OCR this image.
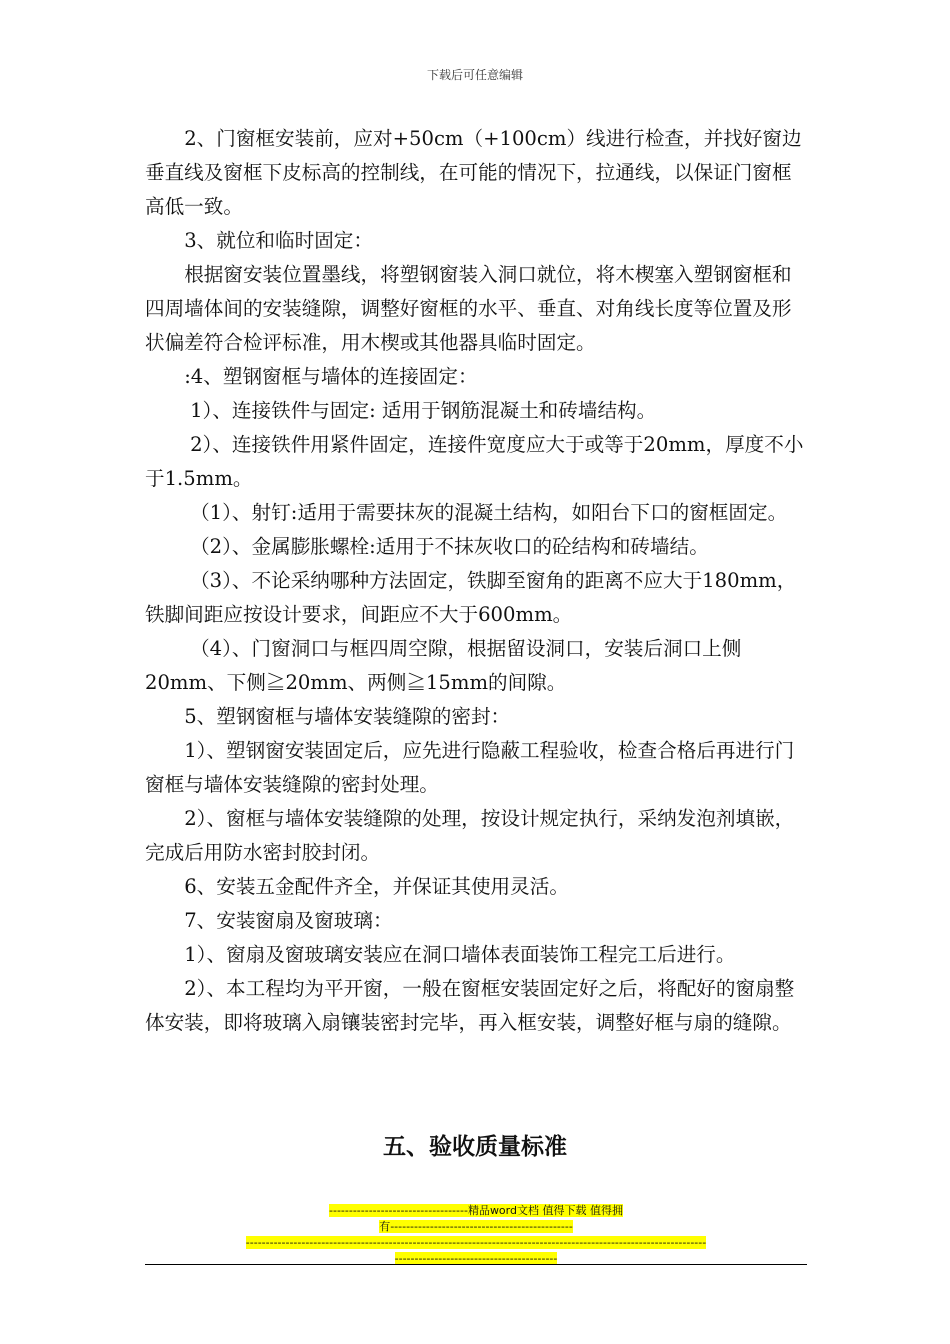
下载后可任意编辑

2、门窗框安装前，应对+50cm（+100cm）线进行检查，并找好窗边垂直线及窗框下皮标高的控制线，在可能的情况下，拉通线，以保证门窗框高低一致。

3、就位和临时固定：

根据窗安装位置墨线，将塑钢窗装入洞口就位，将木楔塞入塑钢窗框和四周墙体间的安装缝隙，调整好窗框的水平、垂直、对角线长度等位置及形状偏差符合检评标准，用木楔或其他器具临时固定。

:4、塑钢窗框与墙体的连接固定：

1）、连接铁件与固定: 适用于钢筋混凝土和砖墙结构。

2）、连接铁件用紧件固定，连接件宽度应大于或等于20mm，厚度不小于1.5mm。

（1）、射钉:适用于需要抹灰的混凝土结构，如阳台下口的窗框固定。

（2）、金属膨胀螺栓:适用于不抹灰收口的砼结构和砖墙结。

（3）、不论采纳哪种方法固定，铁脚至窗角的距离不应大于180mm，铁脚间距应按设计要求，间距应不大于600mm。

（4）、门窗洞口与框四周空隙，根据留设洞口，安装后洞口上侧20mm、下侧≧20mm、两侧≧15mm的间隙。

5、塑钢窗框与墙体安装缝隙的密封：

1）、塑钢窗安装固定后，应先进行隐蔽工程验收，检查合格后再进行门窗框与墙体安装缝隙的密封处理。

2）、窗框与墙体安装缝隙的处理，按设计规定执行，采纳发泡剂填嵌，完成后用防水密封胶封闭。

6、安装五金配件齐全，并保证其使用灵活。

7、安装窗扇及窗玻璃：

1）、窗扇及窗玻璃安装应在洞口墙体表面装饰工程完工后进行。

2）、本工程均为平开窗，一般在窗框安装固定好之后，将配好的窗扇整体安装，即将玻璃入扇镶装密封完毕，再入框安装，调整好框与扇的缝隙。

五、验收质量标准
-----------------------------------精品word文档 值得下载 值得拥
有----------------------------------------------
--------------------------------------------------------------------------------------------------------------------
-----------------------------------------
